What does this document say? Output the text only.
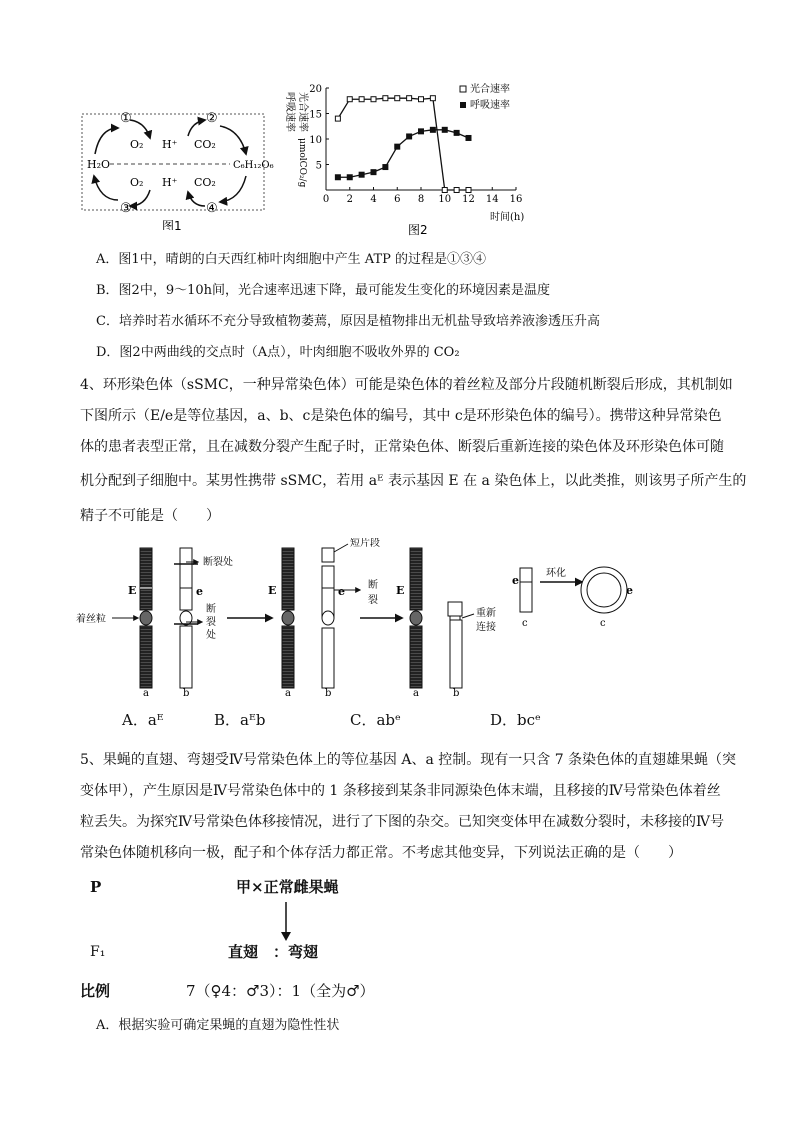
①	②
③	④
O₂ H⁺ CO₂
O₂ H⁺ CO₂
H₂O	C₆H₁₂O₆
图1
0 2 4 6 8 10 12 14 16
20
15
10
5
光合速率
呼吸速率
μmolCO₂/g
时间(h)
图2
光合速率
呼吸速率
A．图1中，晴朗的白天西红柿叶肉细胞中产生 ATP 的过程是①③④
B．图2中，9～10h间，光合速率迅速下降，最可能发生变化的环境因素是温度
C．培养时若水循环不充分导致植物萎蔫，原因是植物排出无机盐导致培养液渗透压升高
D．图2中两曲线的交点时（A点），叶肉细胞不吸收外界的 CO₂
4、环形染色体（sSMC，一种异常染色体）可能是染色体的着丝粒及部分片段随机断裂后形成，其机制如
下图所示（E/e是等位基因，a、b、c是染色体的编号，其中 c是环形染色体的编号）。携带这种异常染色
体的患者表型正常，且在减数分裂产生配子时，正常染色体、断裂后重新连接的染色体及环形染色体可随
机分配到子细胞中。某男性携带 sSMC，若用 aᴱ 表示基因 E 在 a 染色体上，以此类推，则该男子所产生的
精子不可能是（　　）
E	e
断裂处
断
裂
处
着丝粒
a	b
E	e
短片段
断
裂
a	b
E
重新
连接
a	b
e
c
环化
e
c
A．aᴱ	B．aᴱb	C．abᵉ	D．bcᵉ
5、果蝇的直翅、弯翅受Ⅳ号常染色体上的等位基因 A、a 控制。现有一只含 7 条染色体的直翅雄果蝇（突
变体甲），产生原因是Ⅳ号常染色体中的 1 条移接到某条非同源染色体末端，且移接的Ⅳ号常染色体着丝
粒丢失。为探究Ⅳ号常染色体移接情况，进行了下图的杂交。已知突变体甲在减数分裂时，未移接的Ⅳ号
常染色体随机移向一极，配子和个体存活力都正常。不考虑其他变异，下列说法正确的是（　　）
P	甲×正常雌果蝇
F₁	直翅　：弯翅
比例	7（♀4：♂3）：1（全为♂）
A．根据实验可确定果蝇的直翅为隐性性状
